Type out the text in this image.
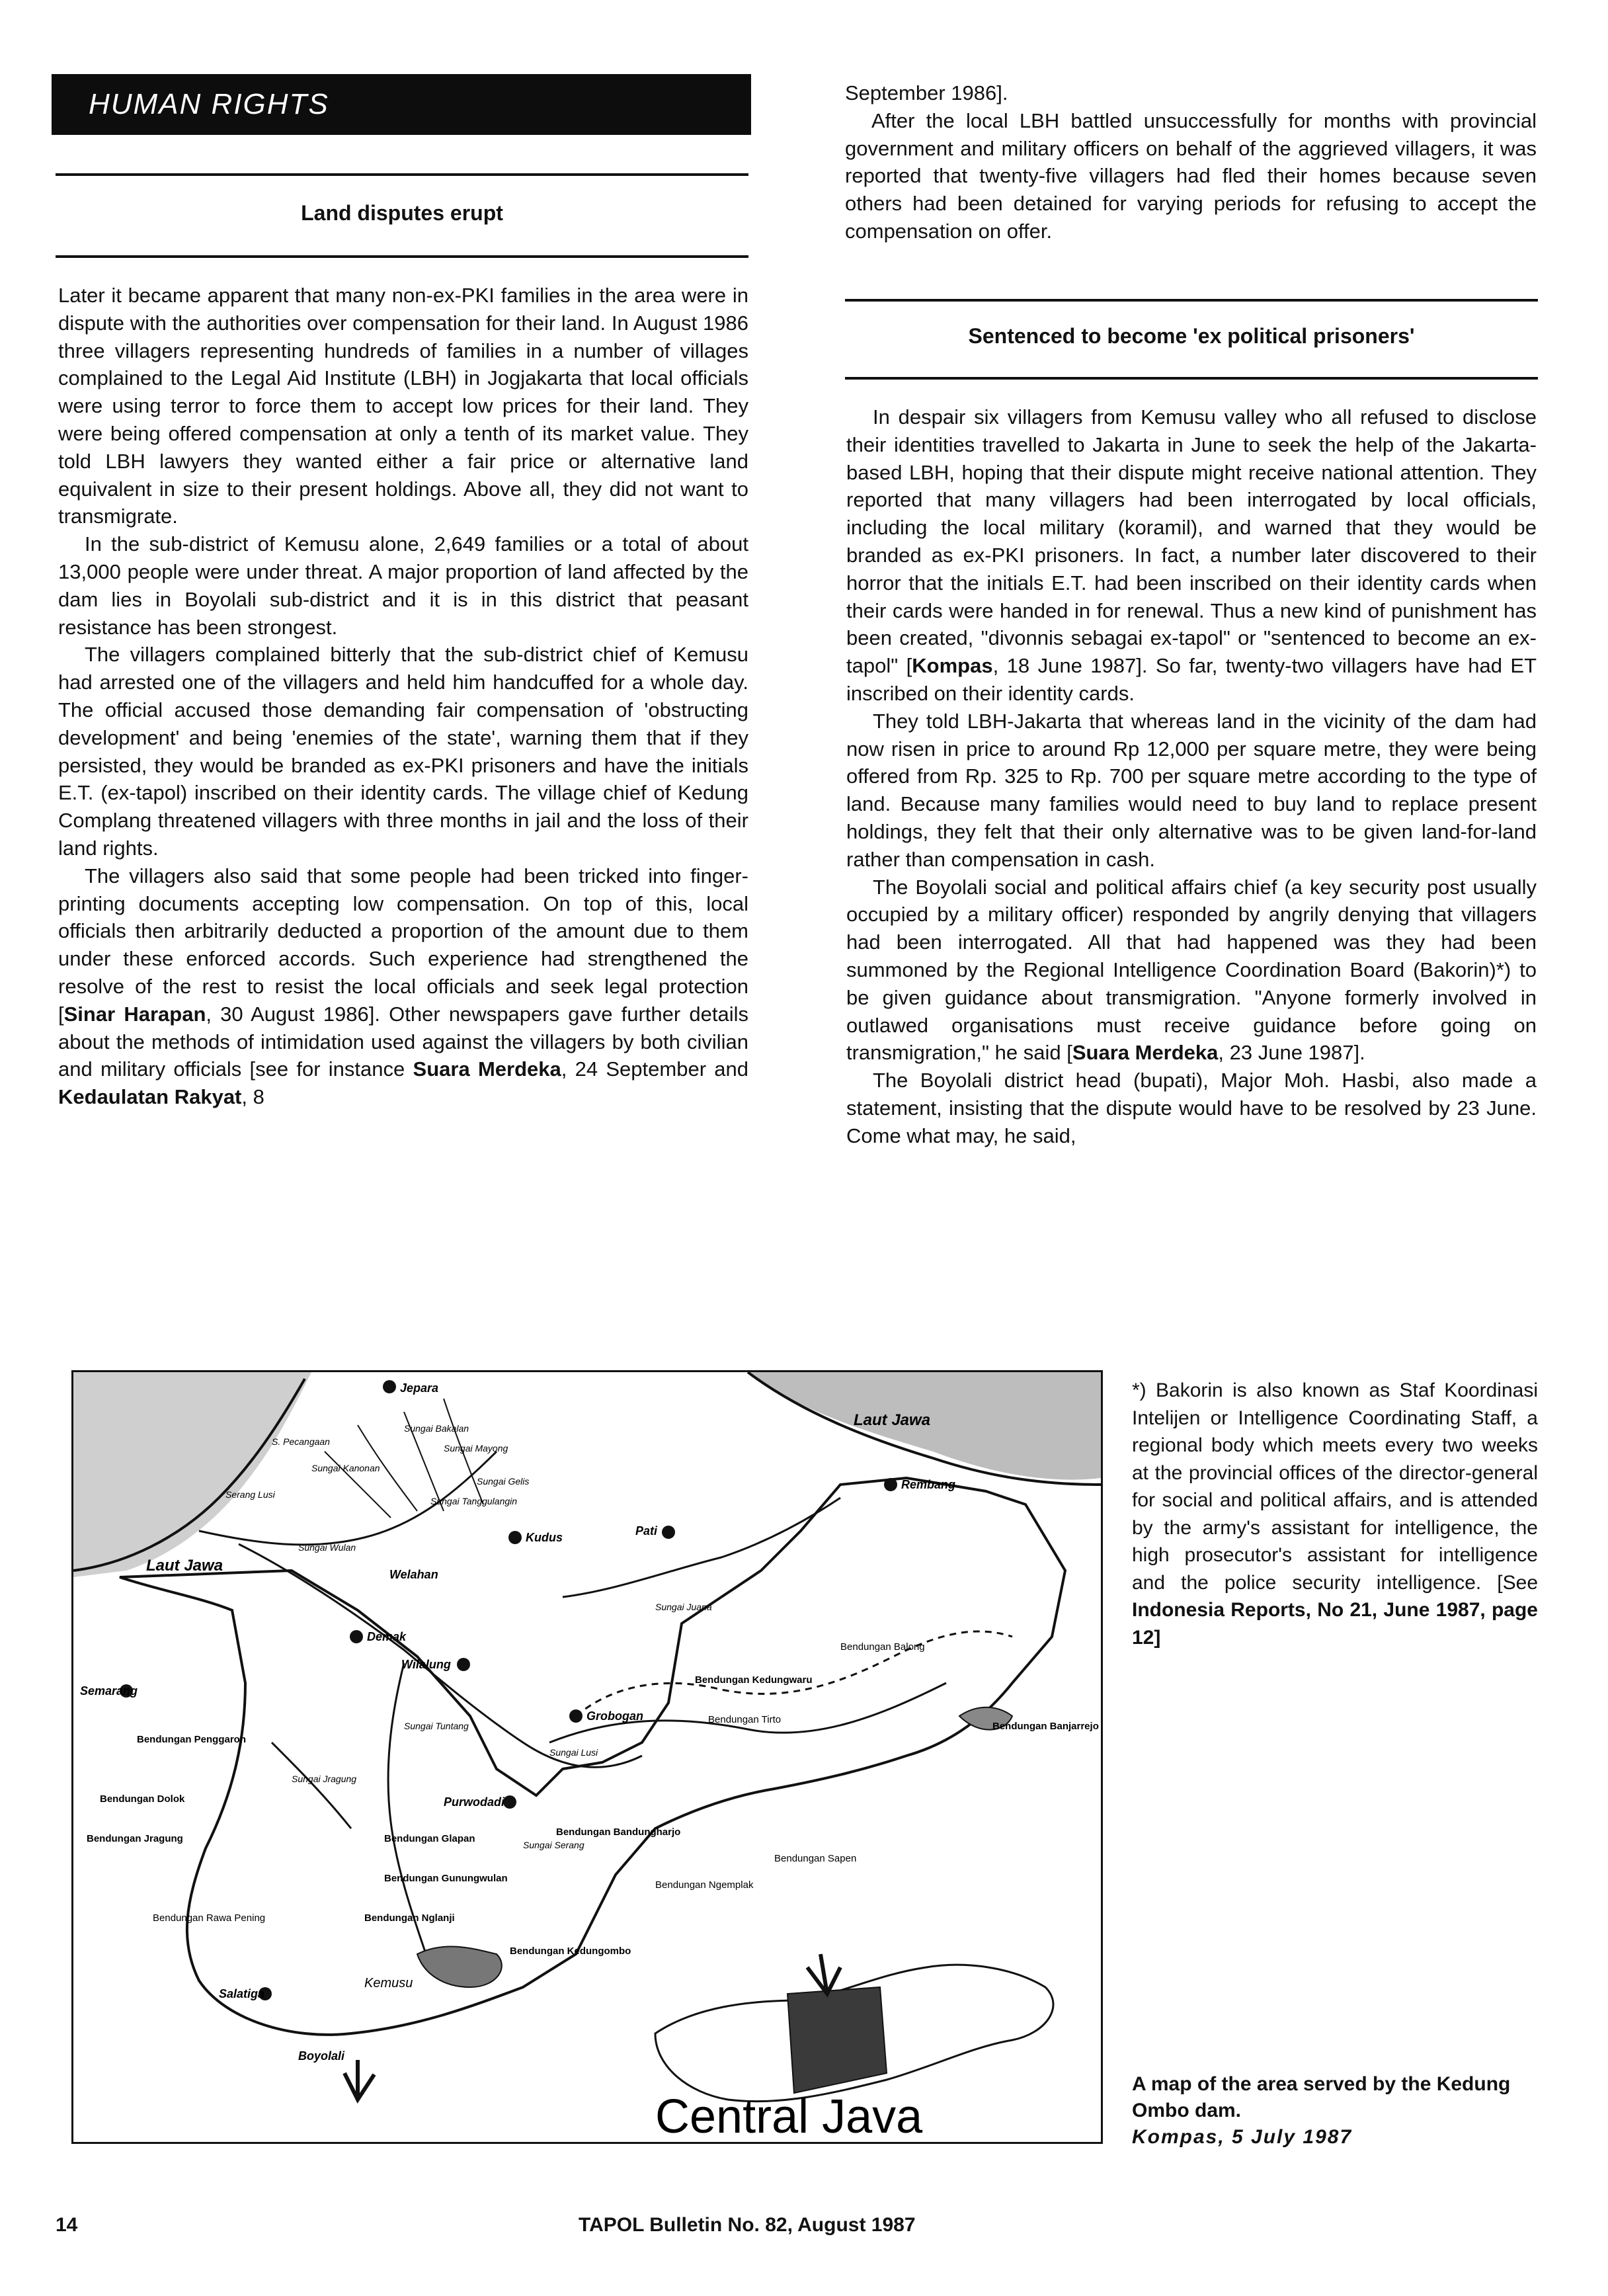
HUMAN RIGHTS
Land disputes erupt

Later it became apparent that many non-ex-PKI families in the area were in dispute with the authorities over compensation for their land. In August 1986 three villagers representing hundreds of families in a number of villages complained to the Legal Aid Institute (LBH) in Jogjakarta that local officials were using terror to force them to accept low prices for their land. They were being offered compensation at only a tenth of its market value. They told LBH lawyers they wanted either a fair price or alternative land equivalent in size to their present holdings. Above all, they did not want to transmigrate.

In the sub-district of Kemusu alone, 2,649 families or a total of about 13,000 people were under threat. A major proportion of land affected by the dam lies in Boyolali sub-district and it is in this district that peasant resistance has been strongest.

The villagers complained bitterly that the sub-district chief of Kemusu had arrested one of the villagers and held him handcuffed for a whole day. The official accused those demanding fair compensation of 'obstructing development' and being 'enemies of the state', warning them that if they persisted, they would be branded as ex-PKI prisoners and have the initials E.T. (ex-tapol) inscribed on their identity cards. The village chief of Kedung Complang threatened villagers with three months in jail and the loss of their land rights.

The villagers also said that some people had been tricked into finger-printing documents accepting low compensation. On top of this, local officials then arbitrarily deducted a proportion of the amount due to them under these enforced accords. Such experience had strengthened the resolve of the rest to resist the local officials and seek legal protection [Sinar Harapan, 30 August 1986]. Other newspapers gave further details about the methods of intimidation used against the villagers by both civilian and military officials [see for instance Suara Merdeka, 24 September and Kedaulatan Rakyat, 8

September 1986].

After the local LBH battled unsuccessfully for months with provincial government and military officers on behalf of the aggrieved villagers, it was reported that twenty-five villagers had fled their homes because seven others had been detained for varying periods for refusing to accept the compensation on offer.

Sentenced to become 'ex political prisoners'

In despair six villagers from Kemusu valley who all refused to disclose their identities travelled to Jakarta in June to seek the help of the Jakarta-based LBH, hoping that their dispute might receive national attention. They reported that many villagers had been interrogated by local officials, including the local military (koramil), and warned that they would be branded as ex-PKI prisoners. In fact, a number later discovered to their horror that the initials E.T. had been inscribed on their identity cards when their cards were handed in for renewal. Thus a new kind of punishment has been created, "divonnis sebagai ex-tapol" or "sentenced to become an ex-tapol" [Kompas, 18 June 1987]. So far, twenty-two villagers have had ET inscribed on their identity cards.

They told LBH-Jakarta that whereas land in the vicinity of the dam had now risen in price to around Rp 12,000 per square metre, they were being offered from Rp. 325 to Rp. 700 per square metre according to the type of land. Because many families would need to buy land to replace present holdings, they felt that their only alternative was to be given land-for-land rather than compensation in cash.

The Boyolali social and political affairs chief (a key security post usually occupied by a military officer) responded by angrily denying that villagers had been interrogated. All that had happened was they had been summoned by the Regional Intelligence Coordination Board (Bakorin)*) to be given guidance about transmigration. "Anyone formerly involved in outlawed organisations must receive guidance before going on transmigration," he said [Suara Merdeka, 23 June 1987].

The Boyolali district head (bupati), Major Moh. Hasbi, also made a statement, insisting that the dispute would have to be resolved by 23 June. Come what may, he said,

Laut Jawa
Laut Jawa
Jepara
Rembang
Pati
Kudus
Welahan
Demak
Wilalung
Semarang
Grobogan
Purwodadi
Salatiga
Boyolali
Kemusu
S. Pecangaan
Sungai Kanonan
Sungai Bakalan
Sungai Mayong
Sungai Tanggulangin
Sungai Gelis
Sungai Lusi
Sungai Wulan
Sungai Juana
Sungai Tuntang
Sungai Serang
Sungai Jragung
Serang Lusi
Bendungan Balong
Bendungan Kedungwaru
Bendungan Tirto
Bendungan Banjarrejo
Bendungan Penggaron
Bendungan Dolok
Bendungan Jragung	Bendungan Glapan
Bendungan Gunungwulan
Bendungan Bandungharjo
Bendungan Ngemplak
Bendungan Sapen
Bendungan Rawa Pening	Bendungan Nglanji
Bendungan Kedungombo
Central Java
*) Bakorin is also known as Staf Koordinasi Intelijen or Intelligence Coordinating Staff, a regional body which meets every two weeks at the provincial offices of the director-general for social and political affairs, and is attended by the army's assistant for intelligence, the high prosecutor's assistant for intelligence and the police security intelligence. [See Indonesia Reports, No 21, June 1987, page 12]
A map of the area served by the Kedung Ombo dam.
Kompas, 5 July 1987
14	TAPOL Bulletin No. 82, August 1987
